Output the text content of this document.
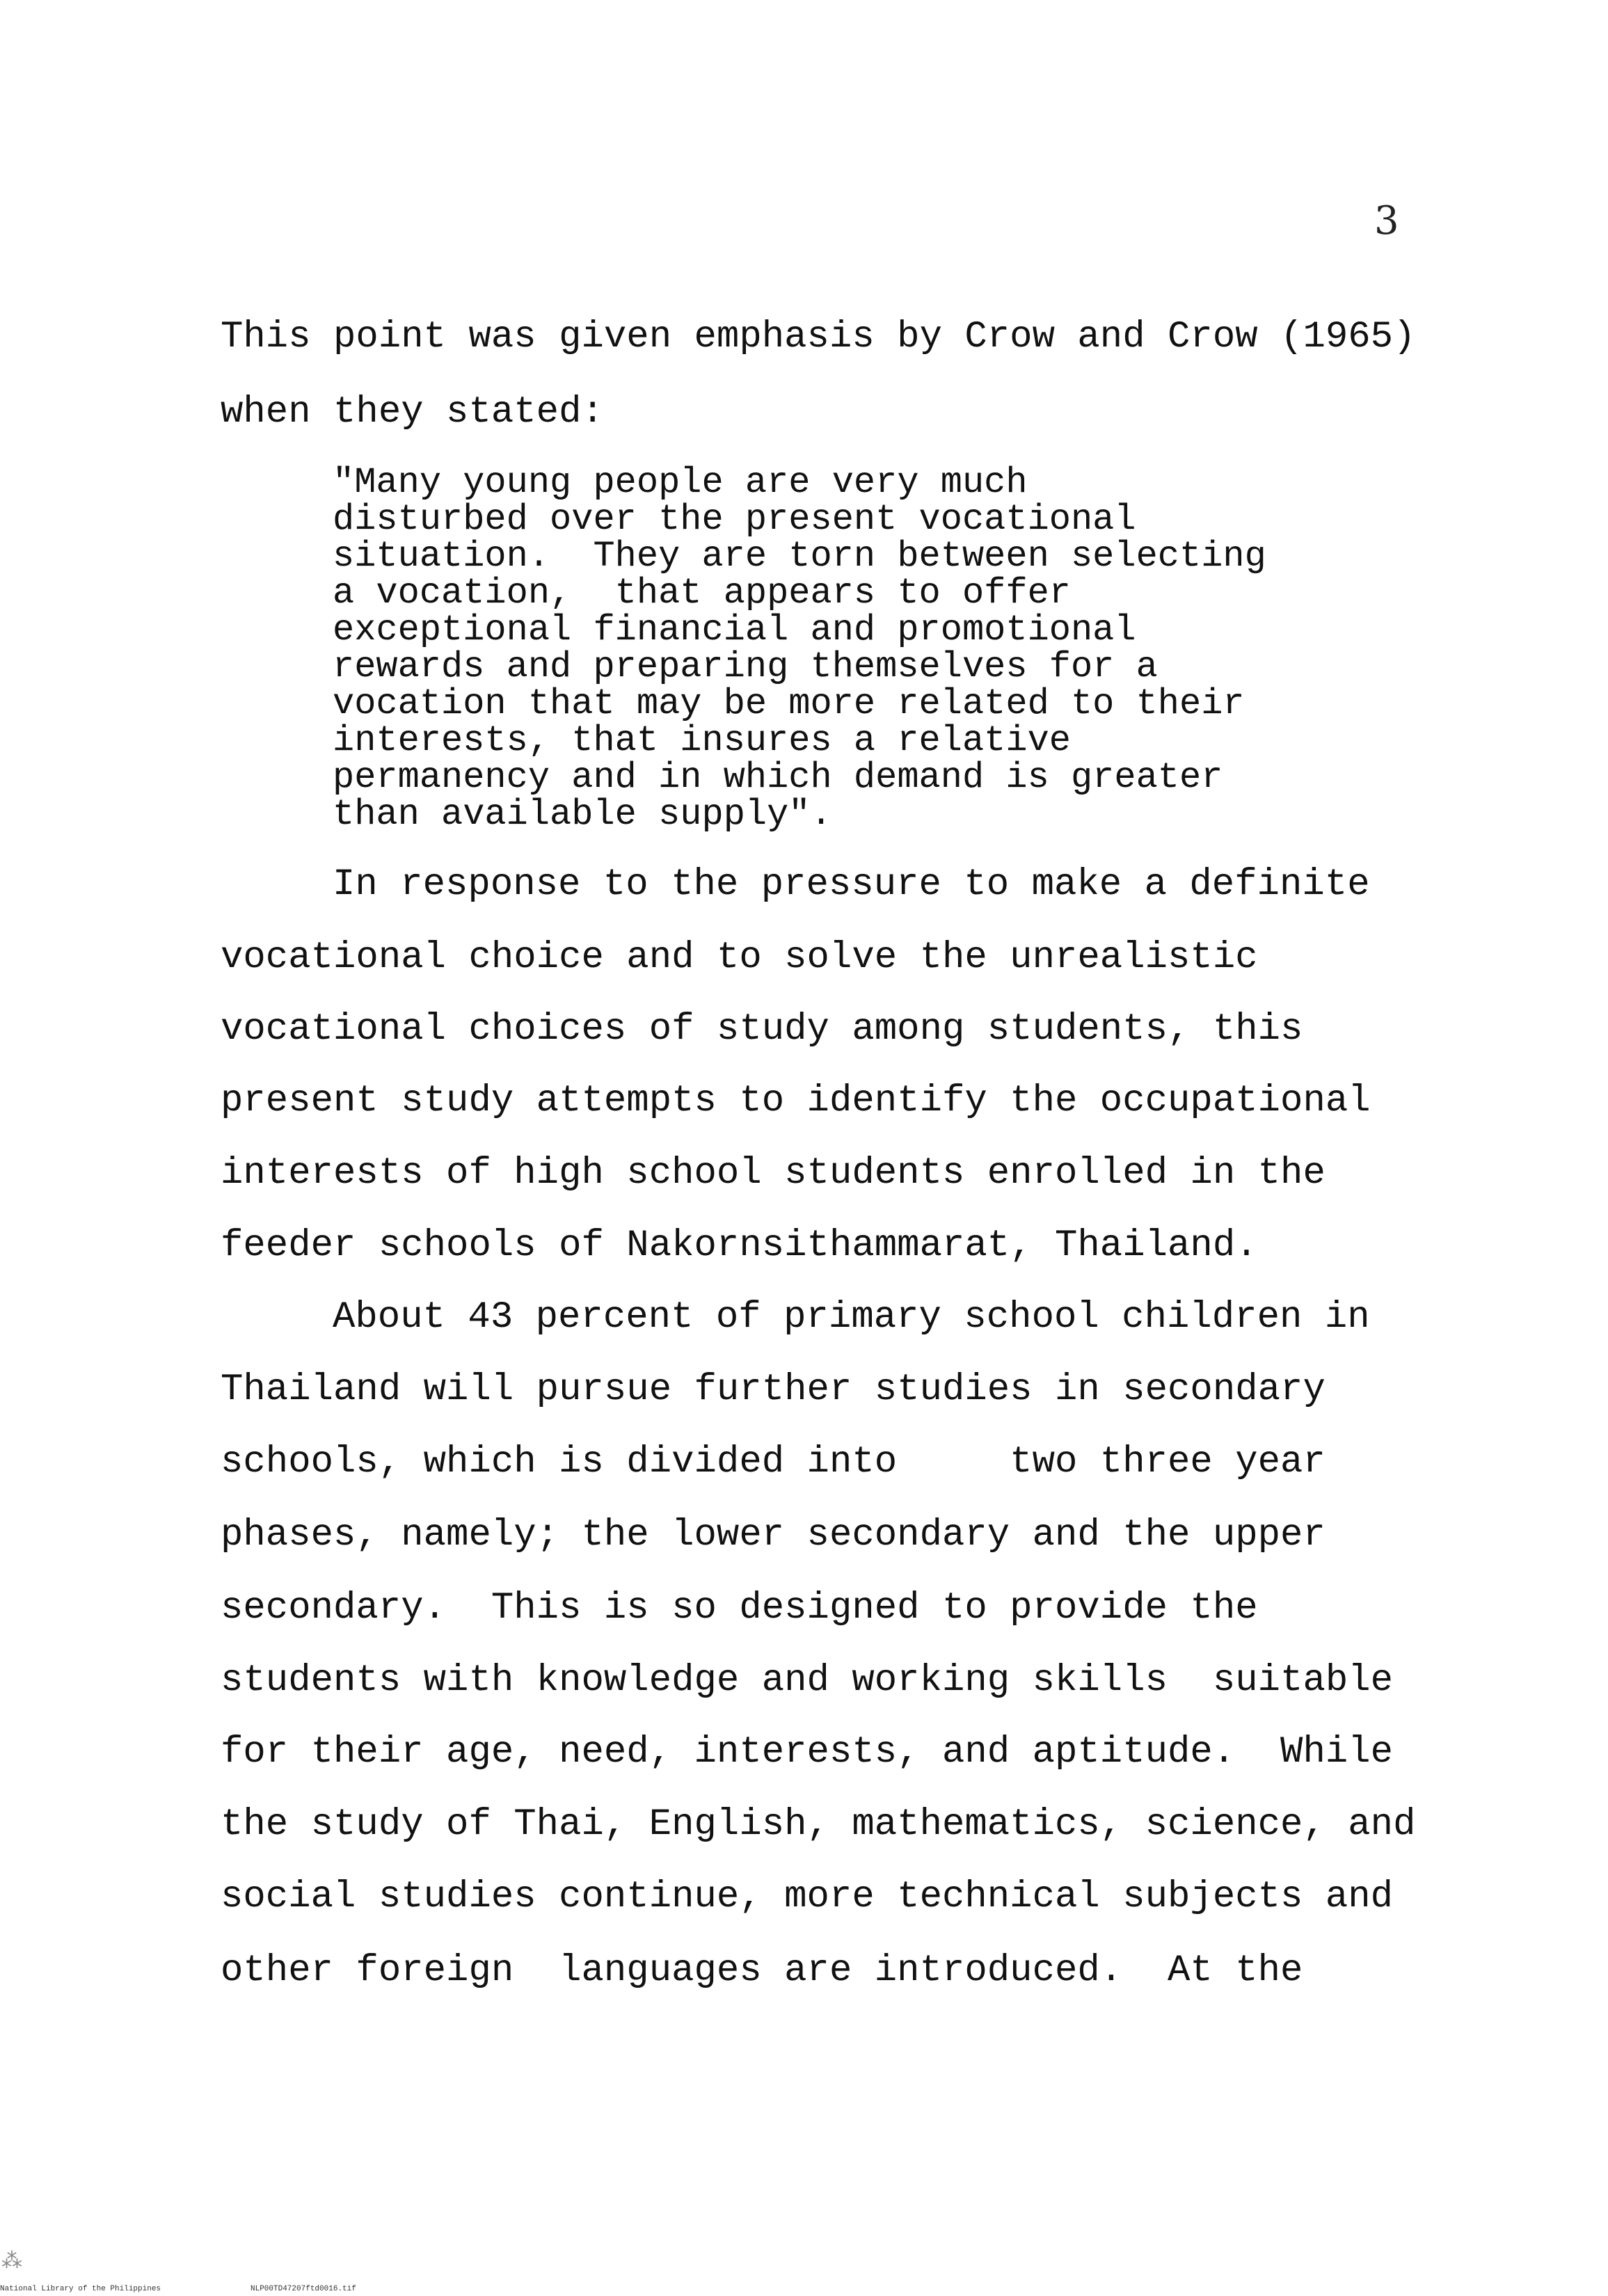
3
This point was given emphasis by Crow and Crow (1965)
when they stated:
"Many young people are very much
disturbed over the present vocational
situation.  They are torn between selecting
a vocation,  that appears to offer
exceptional financial and promotional
rewards and preparing themselves for a
vocation that may be more related to their
interests, that insures a relative
permanency and in which demand is greater
than available supply".
In response to the pressure to make a definite
vocational choice and to solve the unrealistic
vocational choices of study among students, this
present study attempts to identify the occupational
interests of high school students enrolled in the
feeder schools of Nakornsithammarat, Thailand.
About 43 percent of primary school children in
Thailand will pursue further studies in secondary
schools, which is divided into     two three year
phases, namely; the lower secondary and the upper
secondary.  This is so designed to provide the
students with knowledge and working skills  suitable
for their age, need, interests, and aptitude.  While
the study of Thai, English, mathematics, science, and
social studies continue, more technical subjects and
other foreign  languages are introduced.  At the
⁂
National Library of the Philippines	NLP00TD47207ftd0016.tif
